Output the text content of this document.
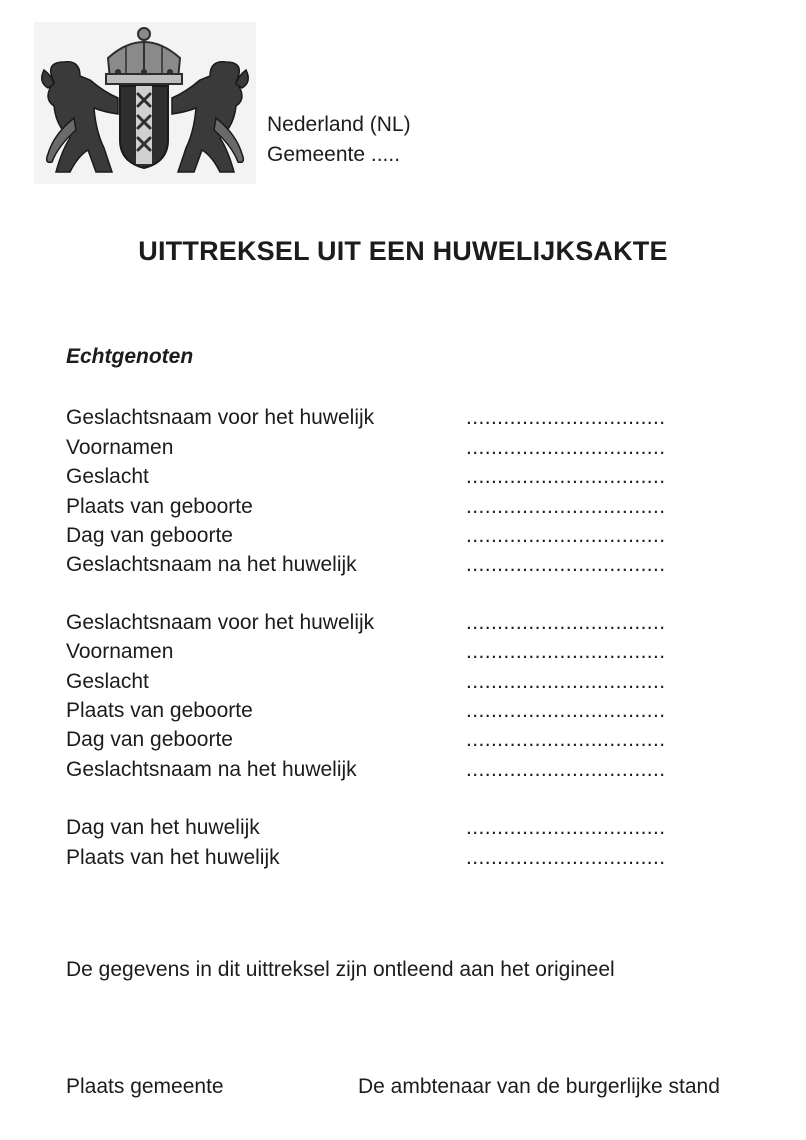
Nederland (NL)
Gemeente .....
UITTREKSEL UIT EEN HUWELIJKSAKTE
Echtgenoten
Geslachtsnaam voor het huwelijk	................................
Voornamen	................................
Geslacht	................................
Plaats van geboorte	................................
Dag van geboorte	................................
Geslachtsnaam na het huwelijk	................................
Geslachtsnaam voor het huwelijk	................................
Voornamen	................................
Geslacht	................................
Plaats van geboorte	................................
Dag van geboorte	................................
Geslachtsnaam na het huwelijk	................................
Dag van het huwelijk	................................
Plaats van het huwelijk	................................
De gegevens in dit uittreksel zijn ontleend aan het origineel
Plaats gemeente	De ambtenaar van de burgerlijke stand
